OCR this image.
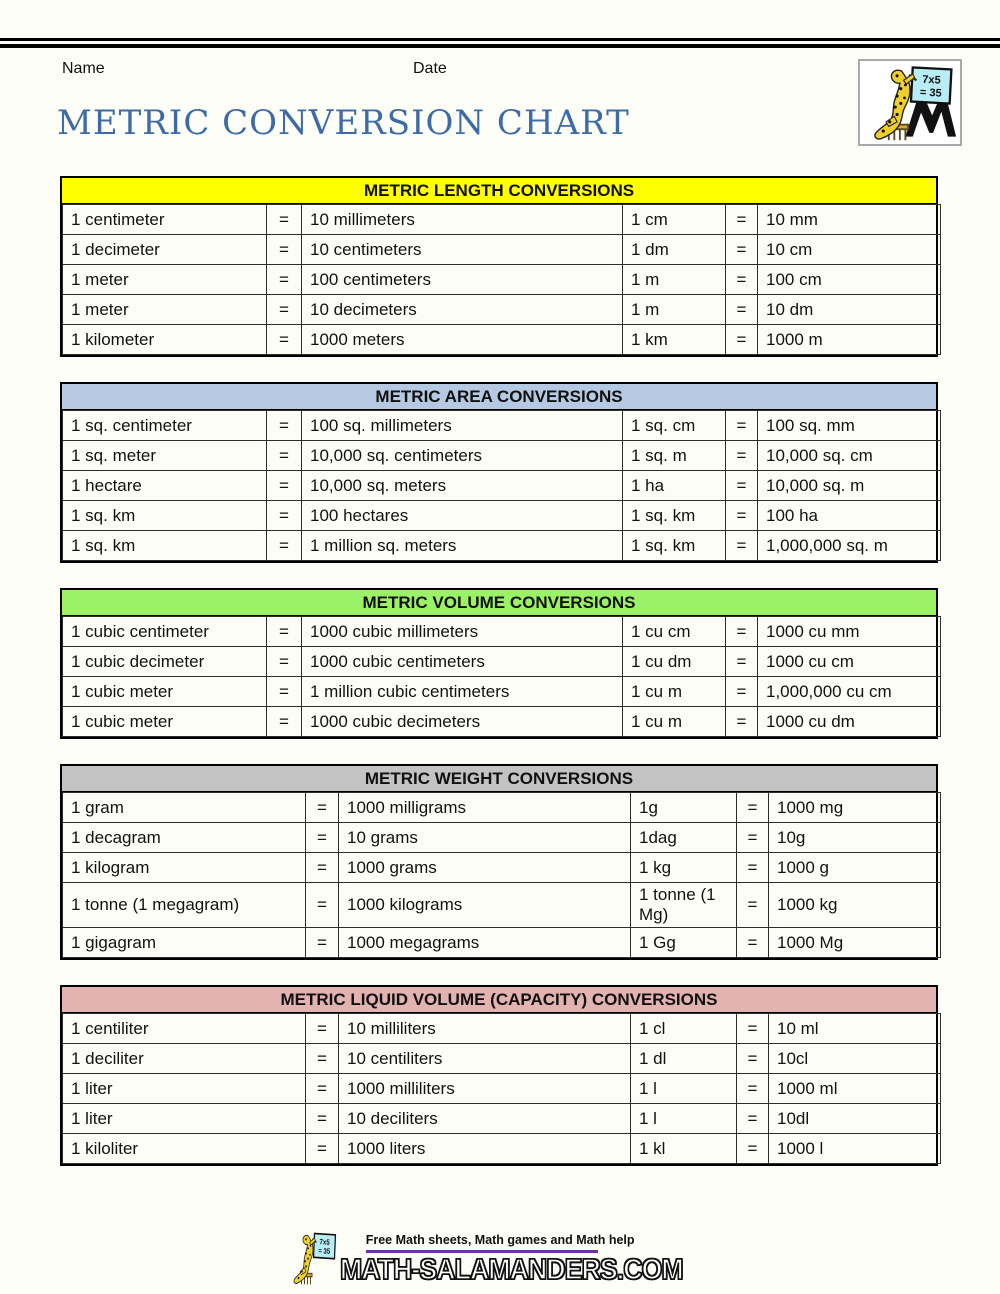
Name	Date
METRIC CONVERSION CHART
METRIC LENGTH CONVERSIONS
1 centimeter	=	10 millimeters	1 cm	=	10 mm
1 decimeter	=	10 centimeters	1 dm	=	10 cm
1 meter	=	100 centimeters	1 m	=	100 cm
1 meter	=	10 decimeters	1 m	=	10 dm
1 kilometer	=	1000 meters	1 km	=	1000 m
METRIC AREA CONVERSIONS
1 sq. centimeter	=	100 sq. millimeters	1 sq. cm	=	100 sq. mm
1 sq. meter	=	10,000 sq. centimeters	1 sq. m	=	10,000 sq. cm
1 hectare	=	10,000 sq. meters	1 ha	=	10,000 sq. m
1 sq. km	=	100 hectares	1 sq. km	=	100 ha
1 sq. km	=	1 million sq. meters	1 sq. km	=	1,000,000 sq. m
METRIC VOLUME CONVERSIONS
1 cubic centimeter	=	1000 cubic millimeters	1 cu cm	=	1000 cu mm
1 cubic decimeter	=	1000 cubic centimeters	1 cu dm	=	1000 cu cm
1 cubic meter	=	1 million cubic centimeters	1 cu m	=	1,000,000 cu cm
1 cubic meter	=	1000 cubic decimeters	1 cu m	=	1000 cu dm
METRIC WEIGHT CONVERSIONS
1 gram	=	1000 milligrams	1g	=	1000 mg
1 decagram	=	10 grams	1dag	=	10g
1 kilogram	=	1000 grams	1 kg	=	1000 g
1 tonne (1 megagram)	=	1000 kilograms	1 tonne (1 Mg)	=	1000 kg
1 gigagram	=	1000 megagrams	1 Gg	=	1000 Mg
METRIC LIQUID VOLUME (CAPACITY) CONVERSIONS
1 centiliter	=	10 milliliters	1 cl	=	10 ml
1 deciliter	=	10 centiliters	1 dl	=	10cl
1 liter	=	1000 milliliters	1 l	=	1000 ml
1 liter	=	10 deciliters	1 l	=	10dl
1 kiloliter	=	1000 liters	1 kl	=	1000 l
Free Math sheets, Math games and Math help
MATH-SALAMANDERS.COM
